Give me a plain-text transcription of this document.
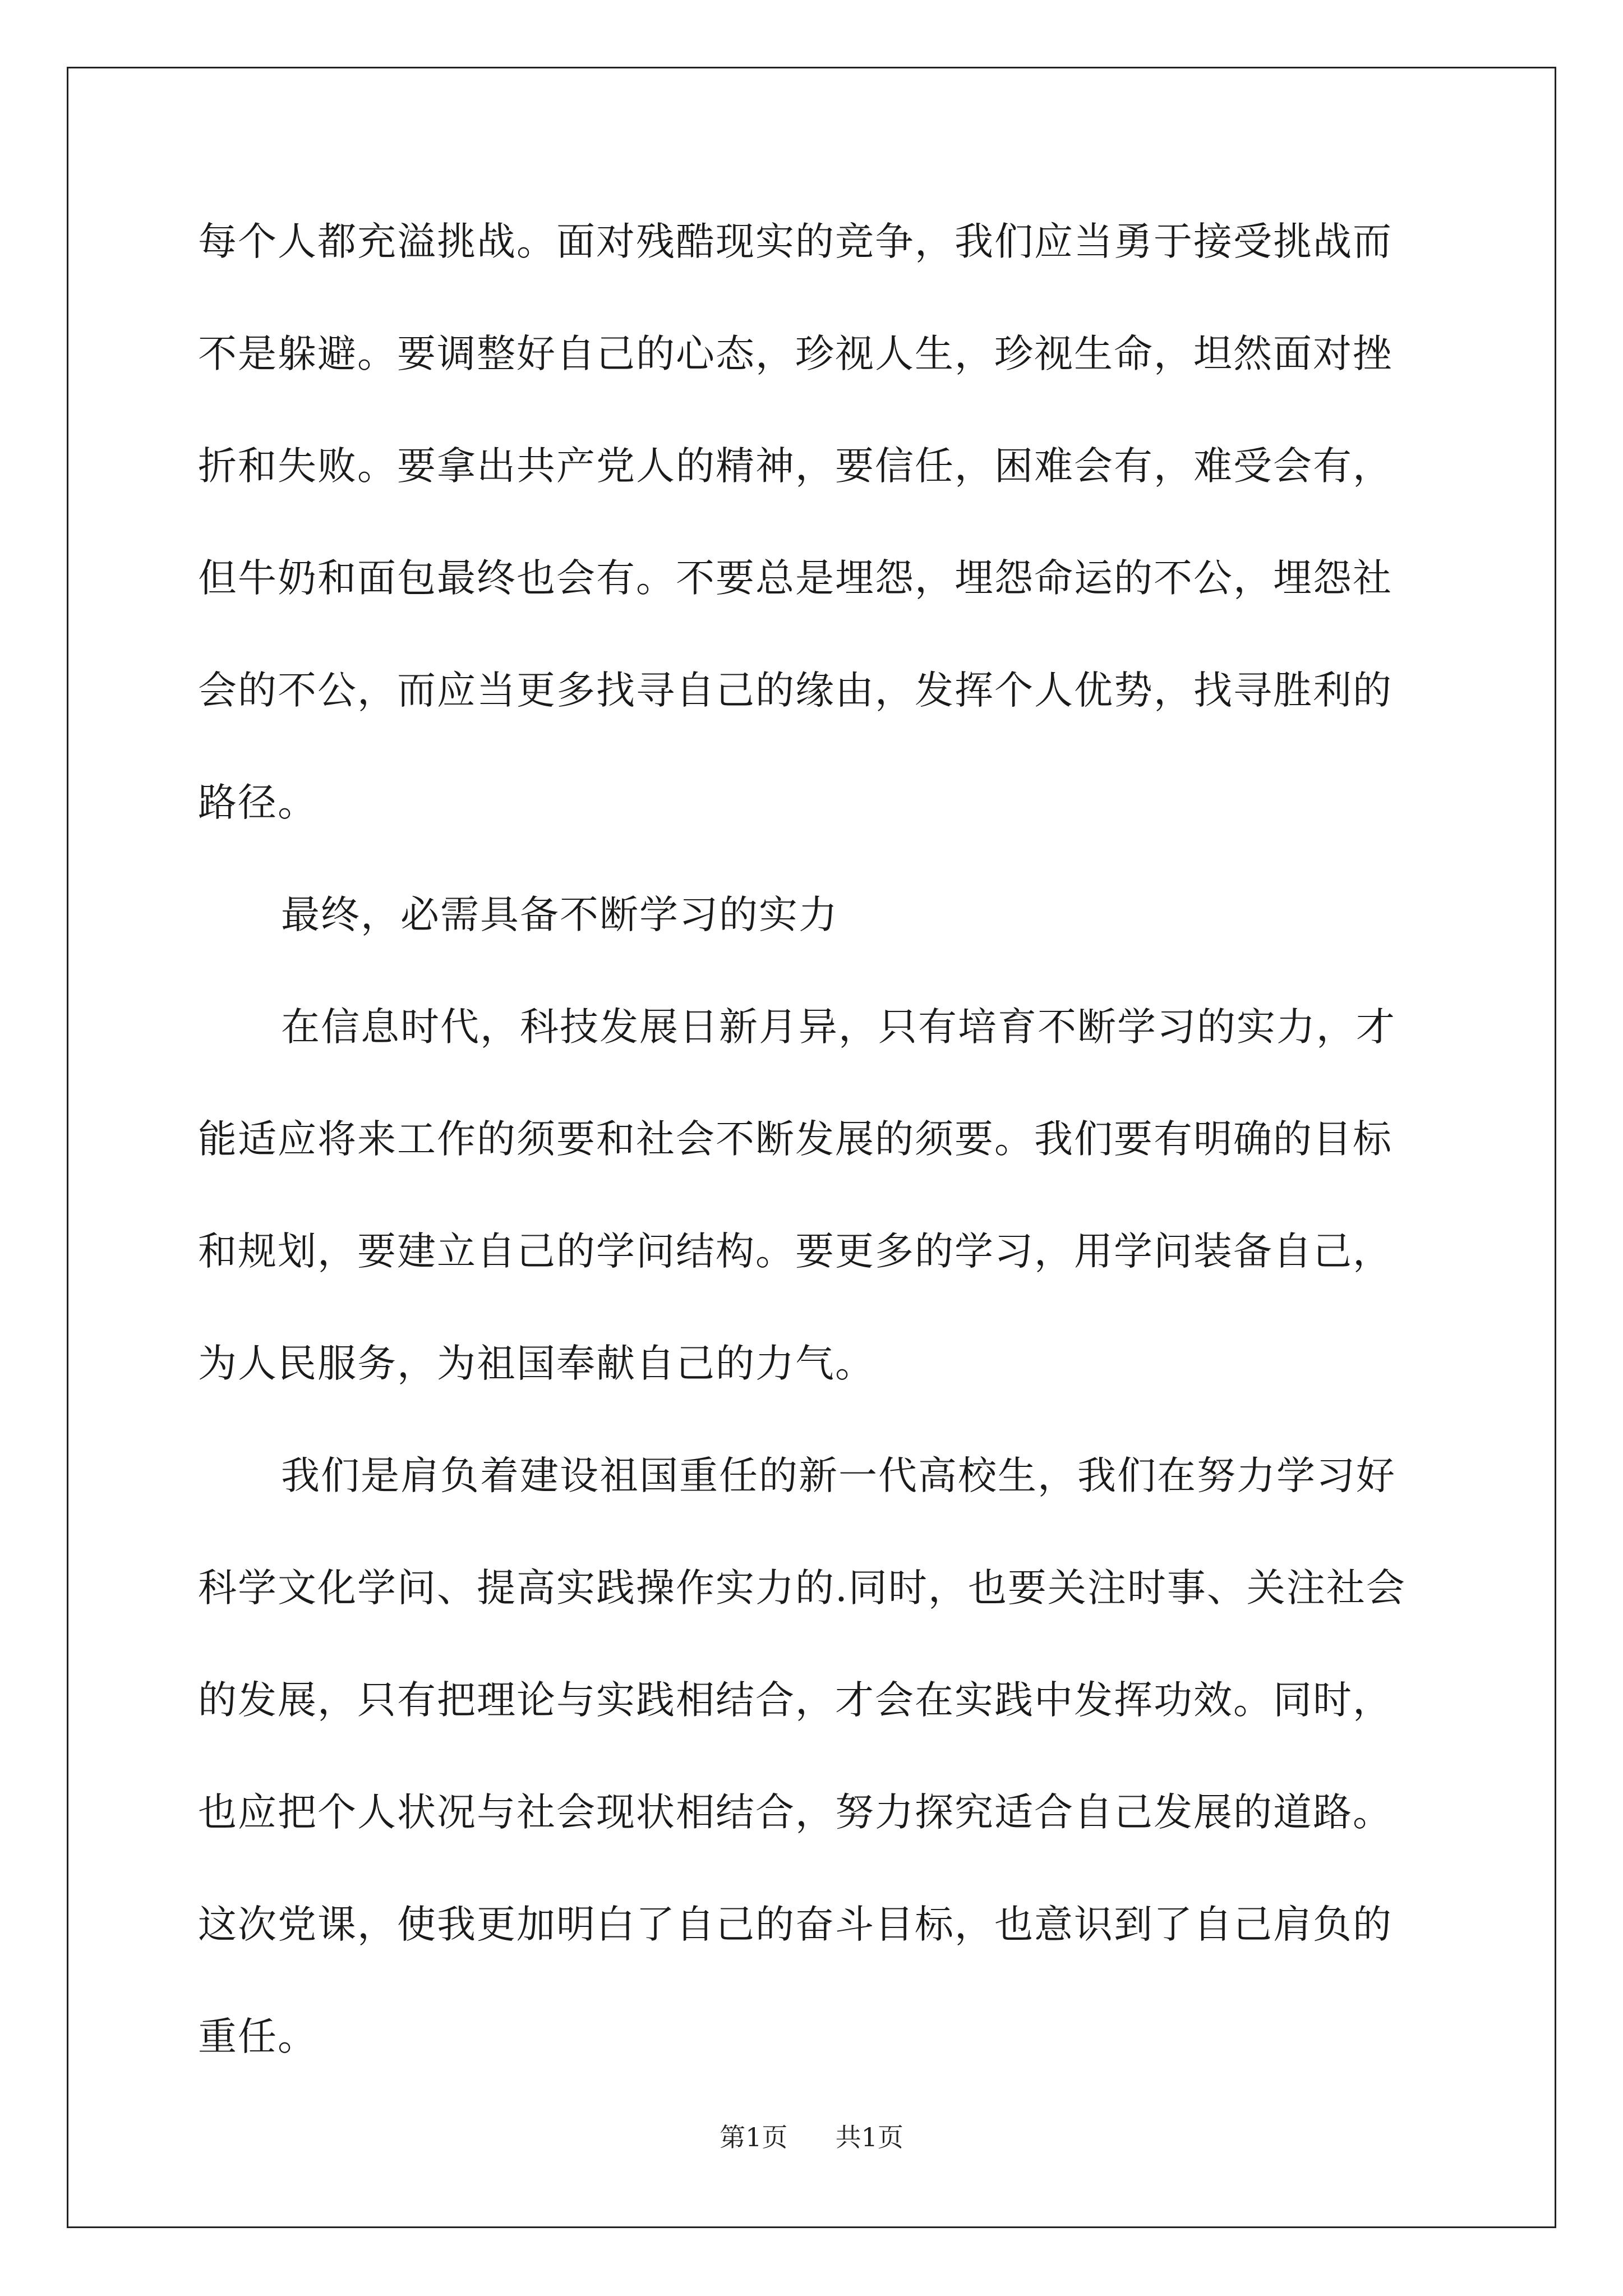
每个人都充溢挑战。面对残酷现实的竞争，我们应当勇于接受挑战而
不是躲避。要调整好自己的心态，珍视人生，珍视生命，坦然面对挫
折和失败。要拿出共产党人的精神，要信任，困难会有，难受会有，
但牛奶和面包最终也会有。不要总是埋怨，埋怨命运的不公，埋怨社
会的不公，而应当更多找寻自己的缘由，发挥个人优势，找寻胜利的
路径。
最终，必需具备不断学习的实力
在信息时代，科技发展日新月异，只有培育不断学习的实力，才
能适应将来工作的须要和社会不断发展的须要。我们要有明确的目标
和规划，要建立自己的学问结构。要更多的学习，用学问装备自己，
为人民服务，为祖国奉献自己的力气。
我们是肩负着建设祖国重任的新一代高校生，我们在努力学习好
科学文化学问、提高实践操作实力的.同时，也要关注时事、关注社会
的发展，只有把理论与实践相结合，才会在实践中发挥功效。同时，
也应把个人状况与社会现状相结合，努力探究适合自己发展的道路。
这次党课，使我更加明白了自己的奋斗目标，也意识到了自己肩负的
重任。
第1页 共1页
